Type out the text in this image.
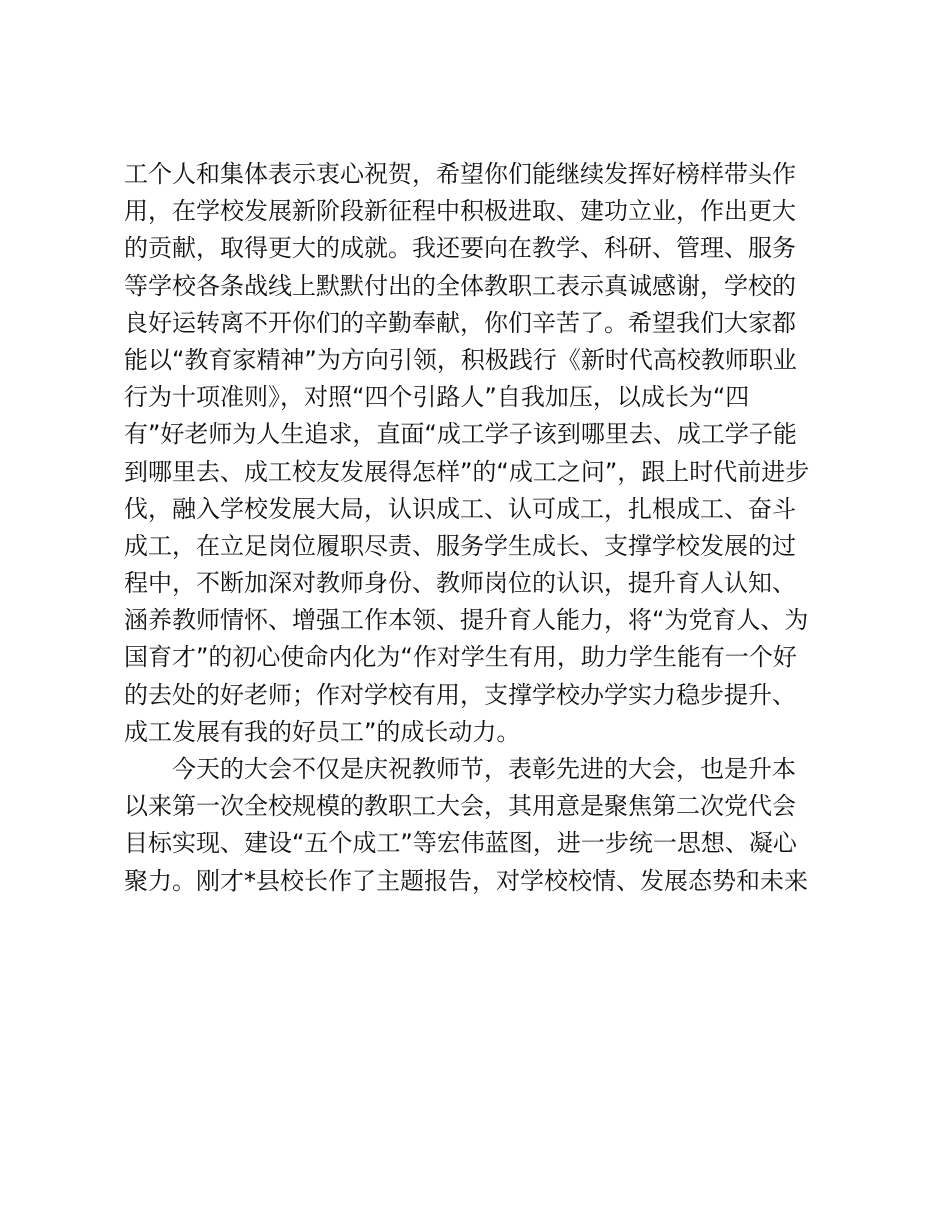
工个人和集体表示衷心祝贺，希望你们能继续发挥好榜样带头作
用，在学校发展新阶段新征程中积极进取、建功立业，作出更大
的贡献，取得更大的成就。我还要向在教学、科研、管理、服务
等学校各条战线上默默付出的全体教职工表示真诚感谢，学校的
良好运转离不开你们的辛勤奉献，你们辛苦了。希望我们大家都
能以“教育家精神”为方向引领，积极践行《新时代高校教师职业
行为十项准则》，对照“四个引路人”自我加压，以成长为“四
有”好老师为人生追求，直面“成工学子该到哪里去、成工学子能
到哪里去、成工校友发展得怎样”的“成工之问”，跟上时代前进步
伐，融入学校发展大局，认识成工、认可成工，扎根成工、奋斗
成工，在立足岗位履职尽责、服务学生成长、支撑学校发展的过
程中，不断加深对教师身份、教师岗位的认识，提升育人认知、
涵养教师情怀、增强工作本领、提升育人能力，将“为党育人、为
国育才”的初心使命内化为“作对学生有用，助力学生能有一个好
的去处的好老师；作对学校有用，支撑学校办学实力稳步提升、
成工发展有我的好员工”的成长动力。
今天的大会不仅是庆祝教师节，表彰先进的大会，也是升本
以来第一次全校规模的教职工大会，其用意是聚焦第二次党代会
目标实现、建设“五个成工”等宏伟蓝图，进一步统一思想、凝心
聚力。刚才*县校长作了主题报告，对学校校情、发展态势和未来
